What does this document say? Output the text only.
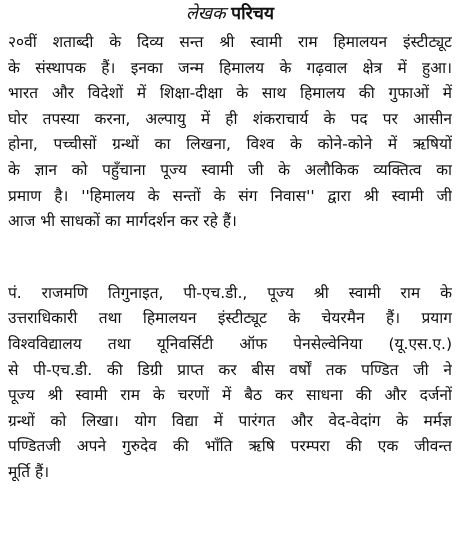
लेखक परिचय

२०वीं शताब्दी के दिव्य सन्त श्री स्वामी राम हिमालयन इंस्टीट्यूट
के संस्थापक हैं। इनका जन्म हिमालय के गढ़वाल क्षेत्र में हुआ।
भारत और विदेशों में शिक्षा-दीक्षा के साथ हिमालय की गुफाओं में
घोर तपस्या करना, अल्पायु में ही शंकराचार्य के पद पर आसीन
होना, पच्चीसों ग्रन्थों का लिखना, विश्व के कोने-कोने में ऋषियों
के ज्ञान को पहुँचाना पूज्य स्वामी जी के अलौकिक व्यक्तित्व का
प्रमाण है। ''हिमालय के सन्तों के संग निवास'' द्वारा श्री स्वामी जी
आज भी साधकों का मार्गदर्शन कर रहे हैं।

पं. राजमणि तिगुनाइत, पी-एच.डी., पूज्य श्री स्वामी राम के
उत्तराधिकारी तथा हिमालयन इंस्टीट्यूट के चेयरमैन हैं। प्रयाग
विश्वविद्यालय तथा यूनिवर्सिटी ऑफ पेनसेल्वेनिया (यू.एस.ए.)
से पी-एच.डी. की डिग्री प्राप्त कर बीस वर्षों तक पण्डित जी ने
पूज्य श्री स्वामी राम के चरणों में बैठ कर साधना की और दर्जनों
ग्रन्थों को लिखा। योग विद्या में पारंगत और वेद-वेदांग के मर्मज्ञ
पण्डितजी अपने गुरुदेव की भाँति ऋषि परम्परा की एक जीवन्त
मूर्ति हैं।
